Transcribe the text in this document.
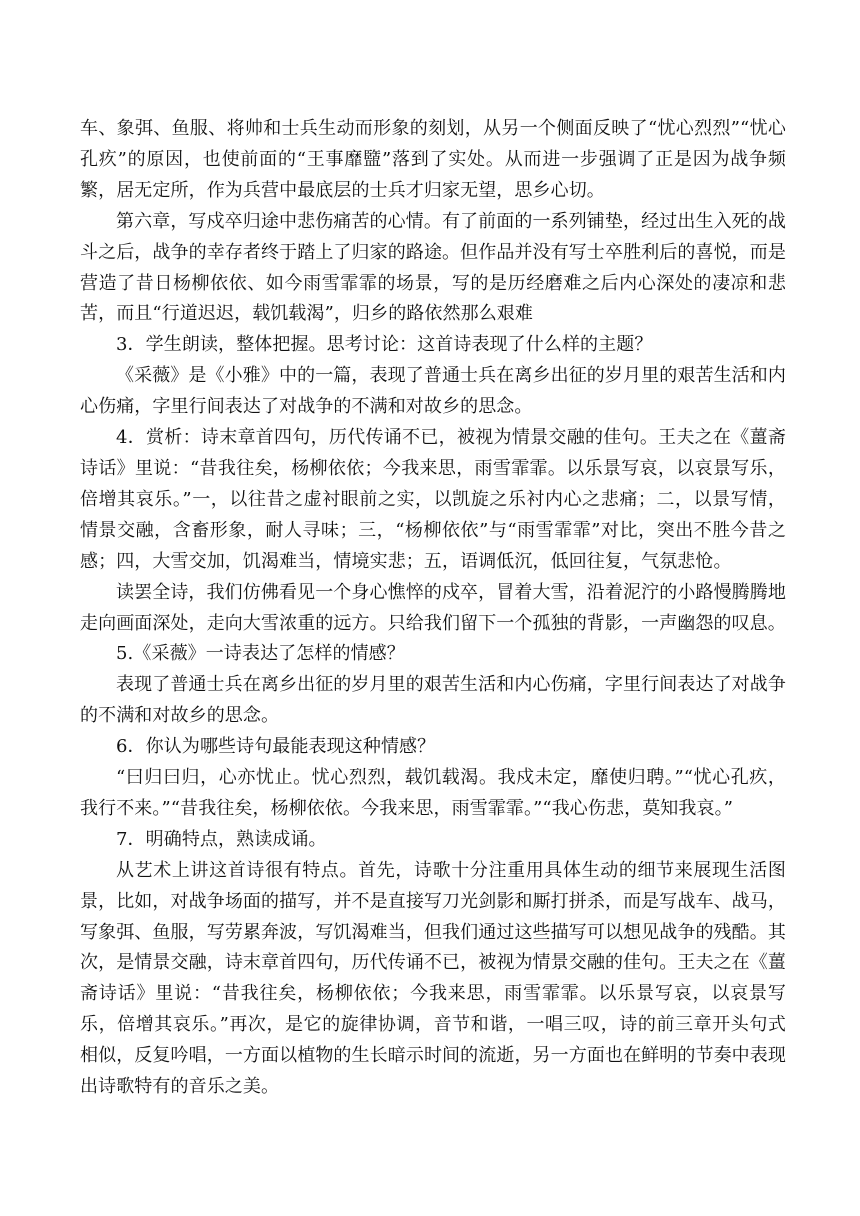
车、象弭、鱼服、将帅和士兵生动而形象的刻划，从另一个侧面反映了“忧心烈烈”“忧心孔疚”的原因，也使前面的“王事靡盬”落到了实处。从而进一步强调了正是因为战争频繁，居无定所，作为兵营中最底层的士兵才归家无望，思乡心切。

第六章，写戍卒归途中悲伤痛苦的心情。有了前面的一系列铺垫，经过出生入死的战斗之后，战争的幸存者终于踏上了归家的路途。但作品并没有写士卒胜利后的喜悦，而是营造了昔日杨柳依依、如今雨雪霏霏的场景，写的是历经磨难之后内心深处的凄凉和悲苦，而且“行道迟迟，载饥载渴”，归乡的路依然那么艰难

3．学生朗读，整体把握。思考讨论：这首诗表现了什么样的主题？

《采薇》是《小雅》中的一篇，表现了普通士兵在离乡出征的岁月里的艰苦生活和内心伤痛，字里行间表达了对战争的不满和对故乡的思念。

4．赏析：诗末章首四句，历代传诵不已，被视为情景交融的佳句。王夫之在《薑斋诗话》里说：“昔我往矣，杨柳依依；今我来思，雨雪霏霏。以乐景写哀，以哀景写乐，倍增其哀乐。”一，以往昔之虚衬眼前之实，以凯旋之乐衬内心之悲痛；二，以景写情，情景交融，含畜形象，耐人寻味；三，“杨柳依依”与“雨雪霏霏”对比，突出不胜今昔之感；四，大雪交加，饥渴难当，情境实悲；五，语调低沉，低回往复，气氛悲怆。

读罢全诗，我们仿佛看见一个身心憔悴的戍卒，冒着大雪，沿着泥泞的小路慢腾腾地走向画面深处，走向大雪浓重的远方。只给我们留下一个孤独的背影，一声幽怨的叹息。

5.《采薇》一诗表达了怎样的情感？

表现了普通士兵在离乡出征的岁月里的艰苦生活和内心伤痛，字里行间表达了对战争的不满和对故乡的思念。

6．你认为哪些诗句最能表现这种情感？

“曰归曰归，心亦忧止。忧心烈烈，载饥载渴。我戍未定，靡使归聘。”“忧心孔疚，我行不来。”“昔我往矣，杨柳依依。今我来思，雨雪霏霏。”“我心伤悲，莫知我哀。”

7．明确特点，熟读成诵。

从艺术上讲这首诗很有特点。首先，诗歌十分注重用具体生动的细节来展现生活图景，比如，对战争场面的描写，并不是直接写刀光剑影和厮打拼杀，而是写战车、战马，写象弭、鱼服，写劳累奔波，写饥渴难当，但我们通过这些描写可以想见战争的残酷。其次，是情景交融，诗末章首四句，历代传诵不已，被视为情景交融的佳句。王夫之在《薑斋诗话》里说：“昔我往矣，杨柳依依；今我来思，雨雪霏霏。以乐景写哀，以哀景写乐，倍增其哀乐。”再次，是它的旋律协调，音节和谐，一唱三叹，诗的前三章开头句式相似，反复吟唱，一方面以植物的生长暗示时间的流逝，另一方面也在鲜明的节奏中表现出诗歌特有的音乐之美。
